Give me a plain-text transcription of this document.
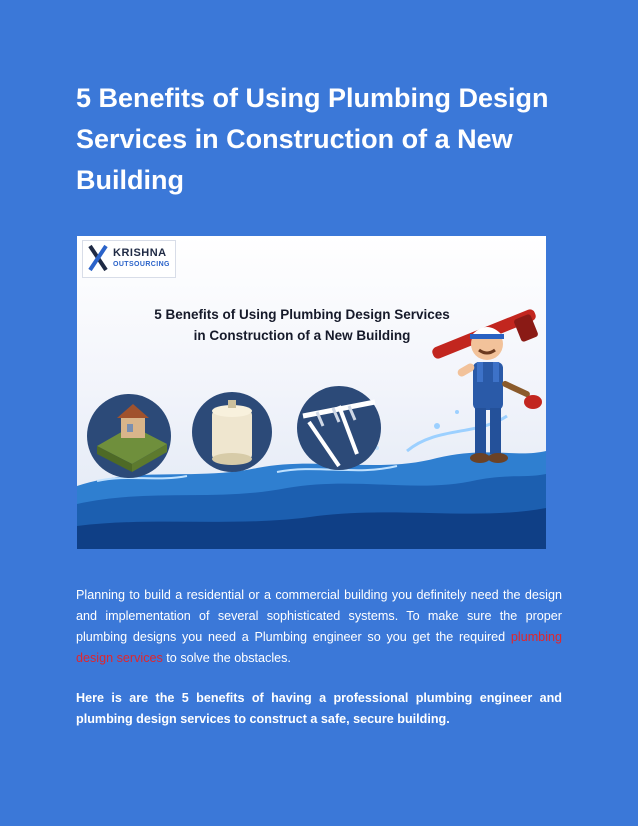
5 Benefits of Using Plumbing Design Services in Construction of a New Building
KRISHNA
OUTSOURCING
5 Benefits of Using Plumbing Design Services
in Construction of a New Building

Planning to build a residential or a commercial building you definitely need the design and implementation of several sophisticated systems. To make sure the proper plumbing designs you need a Plumbing engineer so you get the required plumbing design services to solve the obstacles.

Here is are the 5 benefits of having a professional plumbing engineer and plumbing design services to construct a safe, secure building.
